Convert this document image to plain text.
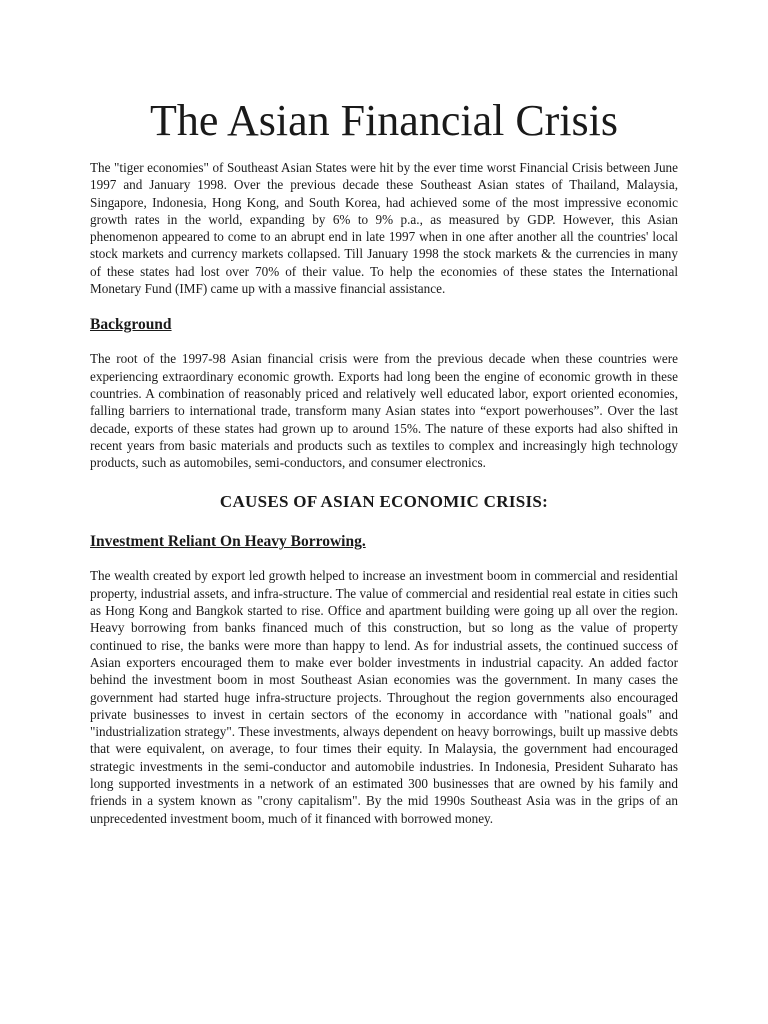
The Asian Financial Crisis

The "tiger economies" of Southeast Asian States were hit by the ever time worst Financial Crisis between June 1997 and January 1998. Over the previous decade these Southeast Asian states of Thailand, Malaysia, Singapore, Indonesia, Hong Kong, and South Korea, had achieved some of the most impressive economic growth rates in the world, expanding by 6% to 9% p.a., as measured by GDP. However, this Asian phenomenon appeared to come to an abrupt end in late 1997 when in one after another all the countries' local stock markets and currency markets collapsed. Till January 1998 the stock markets & the currencies in many of these states had lost over 70% of their value. To help the economies of these states the International Monetary Fund (IMF) came up with a massive financial assistance.

Background

The root of the 1997-98 Asian financial crisis were from the previous decade when these countries were experiencing extraordinary economic growth. Exports had long been the engine of economic growth in these countries. A combination of reasonably priced and relatively well educated labor, export oriented economies, falling barriers to international trade, transform many Asian states into “export powerhouses”. Over the last decade, exports of these states had grown up to around 15%. The nature of these exports had also shifted in recent years from basic materials and products such as textiles to complex and increasingly high technology products, such as automobiles, semi-conductors, and consumer electronics.

CAUSES OF ASIAN ECONOMIC CRISIS:
Investment Reliant On Heavy Borrowing.

The wealth created by export led growth helped to increase an investment boom in commercial and residential property, industrial assets, and infra-structure. The value of commercial and residential real estate in cities such as Hong Kong and Bangkok started to rise. Office and apartment building were going up all over the region. Heavy borrowing from banks financed much of this construction, but so long as the value of property continued to rise, the banks were more than happy to lend. As for industrial assets, the continued success of Asian exporters encouraged them to make ever bolder investments in industrial capacity. An added factor behind the investment boom in most Southeast Asian economies was the government. In many cases the government had started huge infra-structure projects. Throughout the region governments also encouraged private businesses to invest in certain sectors of the economy in accordance with "national goals" and "industrialization strategy". These investments, always dependent on heavy borrowings, built up massive debts that were equivalent, on average, to four times their equity. In Malaysia, the government had encouraged strategic investments in the semi-conductor and automobile industries. In Indonesia, President Suharato has long supported investments in a network of an estimated 300 businesses that are owned by his family and friends in a system known as "crony capitalism". By the mid 1990s Southeast Asia was in the grips of an unprecedented investment boom, much of it financed with borrowed money.
